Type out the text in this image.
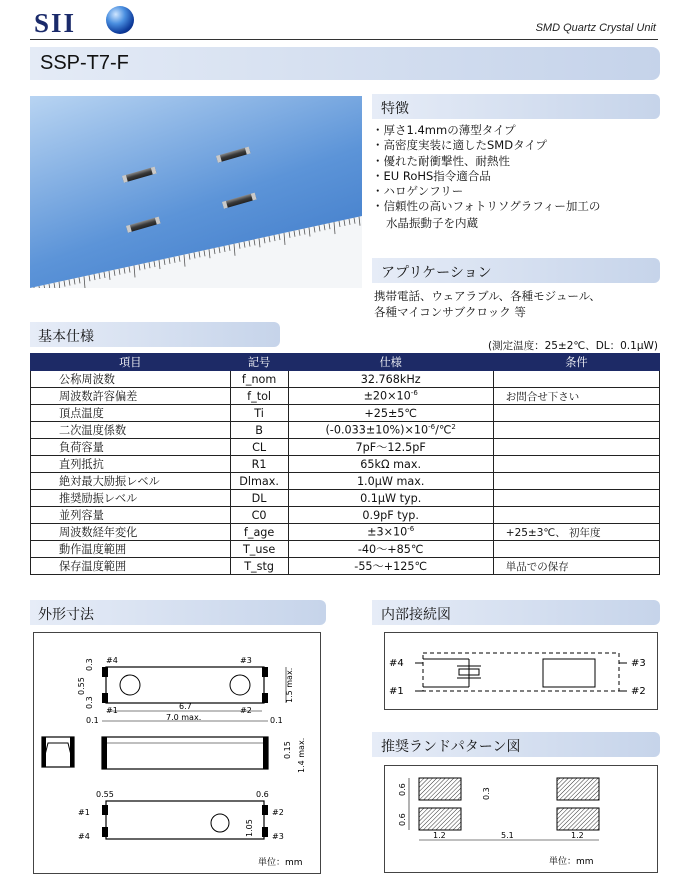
SII	SMD Quartz Crystal Unit
SSP-T7-F
特徴
・ 厚さ1.4mmの薄型タイプ
・ 高密度実装に適したSMDタイプ
・ 優れた耐衝撃性、耐熱性
・ EU RoHS指令適合品
・ ハロゲンフリー
・ 信頼性の高いフォトリソグラフィー加工の
水晶振動子を内蔵
アプリケーション
携帯電話、ウェアラブル、各種モジュール、
各種マイコンサブクロック 等
基本仕様
(測定温度：25±2℃、DL：0.1μW)
項目	記号	仕様	条件
公称周波数	f_nom	32.768kHz	
周波数許容偏差	f_tol	$\pm 20\times 10^{-6}$	お問合せ下さい
頂点温度	Ti	+25±5℃	
二次温度係数	B	$(-0.033\pm 10\%)\times 10^{-6}/℃^2$	
負荷容量	CL	7pF～12.5pF	
直列抵抗	R1	65kΩ max.	
絶対最大励振レベル	Dlmax.	1.0μW max.	
推奨励振レベル	DL	0.1μW typ.	
並列容量	C0	0.9pF typ.	
周波数経年変化	f_age	$\pm 3\times 10^{-6}$	+25±3℃、 初年度
動作温度範囲	T_use	-40～+85℃	
保存温度範囲	T_stg	-55～+125℃	単品での保存
外形寸法
#4	#3
#1	#2
0.3
0.55
0.3	1.5 max.
6.7
7.0 max.
0.1	0.1
0.15 1.4 max.
0.55	0.6
#1
#4
#2
#3
1.05
単位：mm
内部接続図
#4	#3
#1	#2
推奨ランドパターン図
0.6
0.6
0.3
1.2	5.1	1.2
単位：mm
